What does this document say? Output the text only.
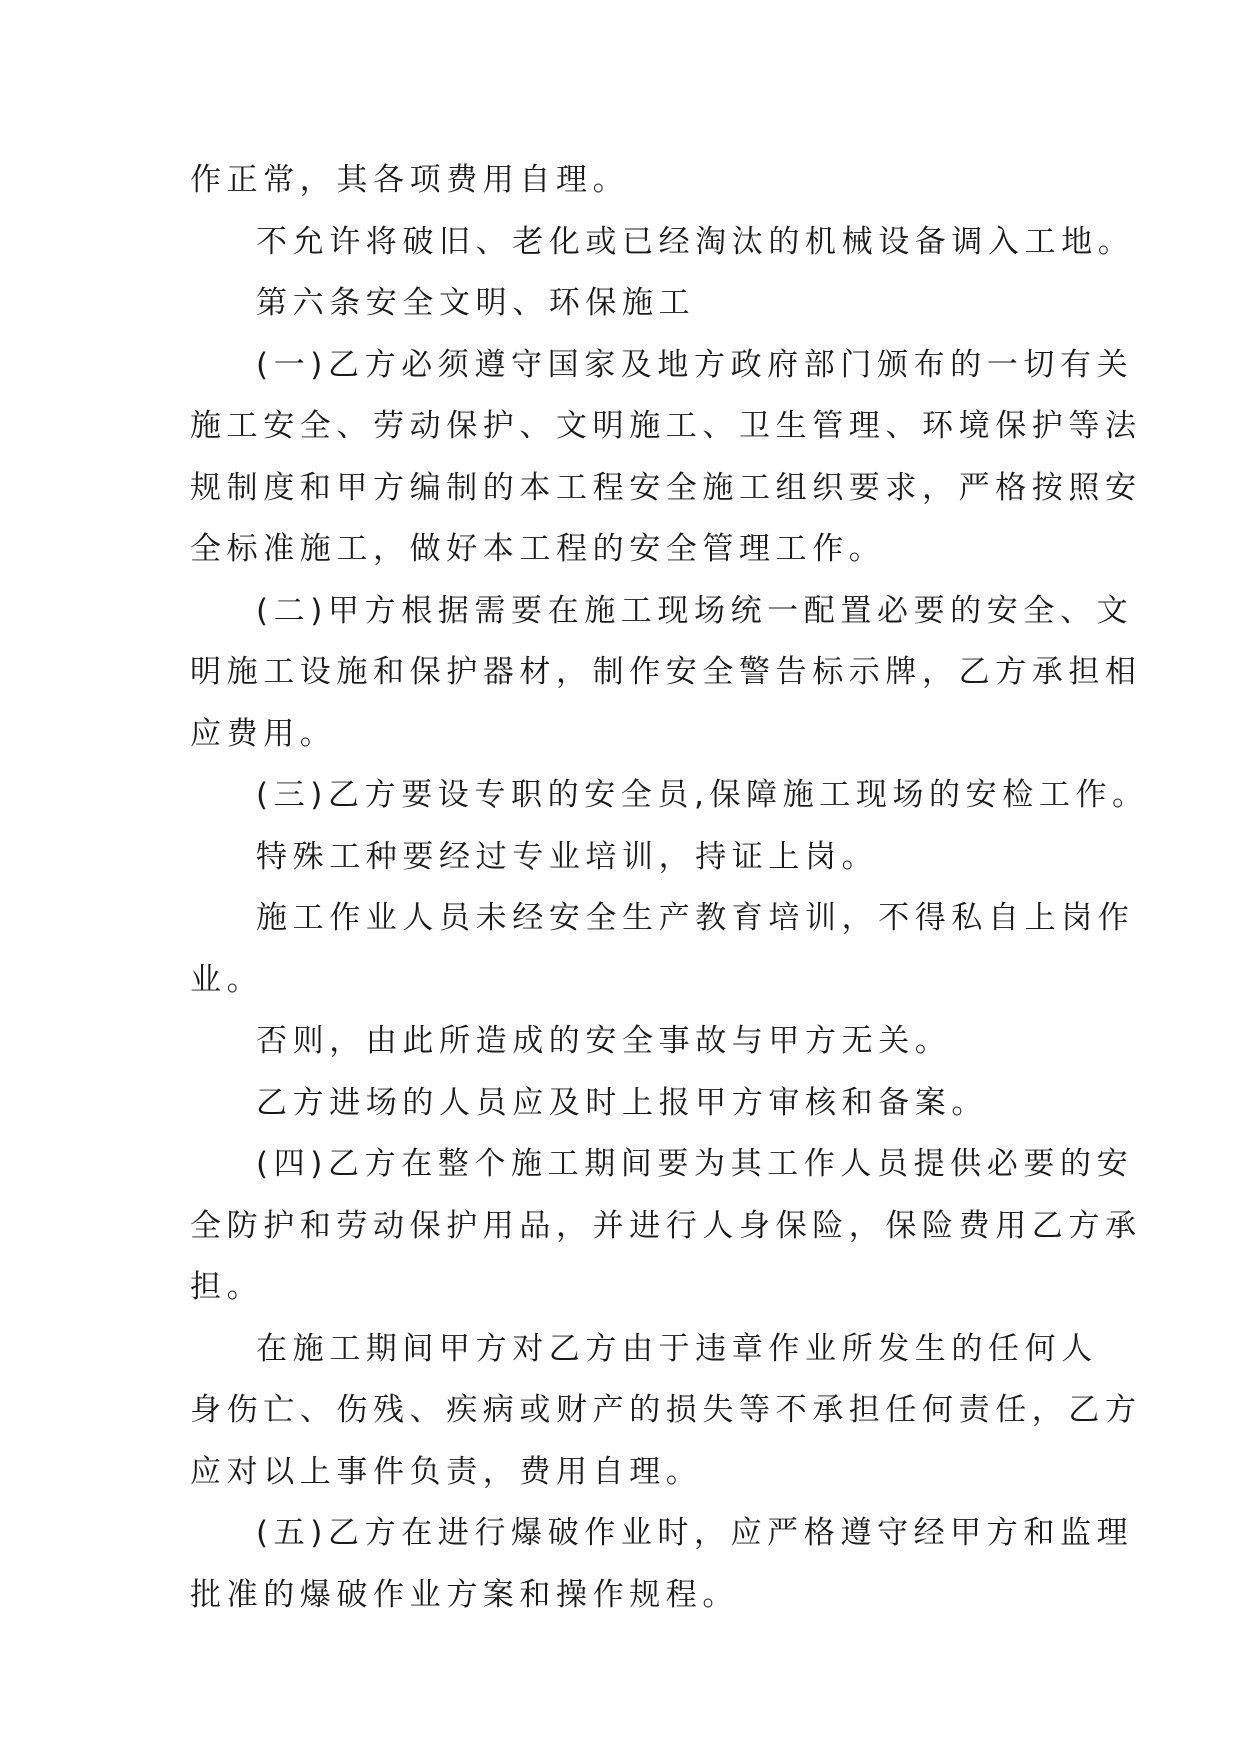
作正常，其各项费用自理。

不允许将破旧、老化或已经淘汰的机械设备调入工地。

第六条安全文明、环保施工

(一)乙方必须遵守国家及地方政府部门颁布的一切有关

施工安全、劳动保护、文明施工、卫生管理、环境保护等法

规制度和甲方编制的本工程安全施工组织要求，严格按照安

全标准施工，做好本工程的安全管理工作。

(二)甲方根据需要在施工现场统一配置必要的安全、文

明施工设施和保护器材，制作安全警告标示牌，乙方承担相

应费用。

(三)乙方要设专职的安全员,保障施工现场的安检工作。

特殊工种要经过专业培训，持证上岗。

施工作业人员未经安全生产教育培训，不得私自上岗作

业。

否则，由此所造成的安全事故与甲方无关。

乙方进场的人员应及时上报甲方审核和备案。

(四)乙方在整个施工期间要为其工作人员提供必要的安

全防护和劳动保护用品，并进行人身保险，保险费用乙方承

担。

在施工期间甲方对乙方由于违章作业所发生的任何人

身伤亡、伤残、疾病或财产的损失等不承担任何责任，乙方

应对以上事件负责，费用自理。

(五)乙方在进行爆破作业时，应严格遵守经甲方和监理

批准的爆破作业方案和操作规程。
